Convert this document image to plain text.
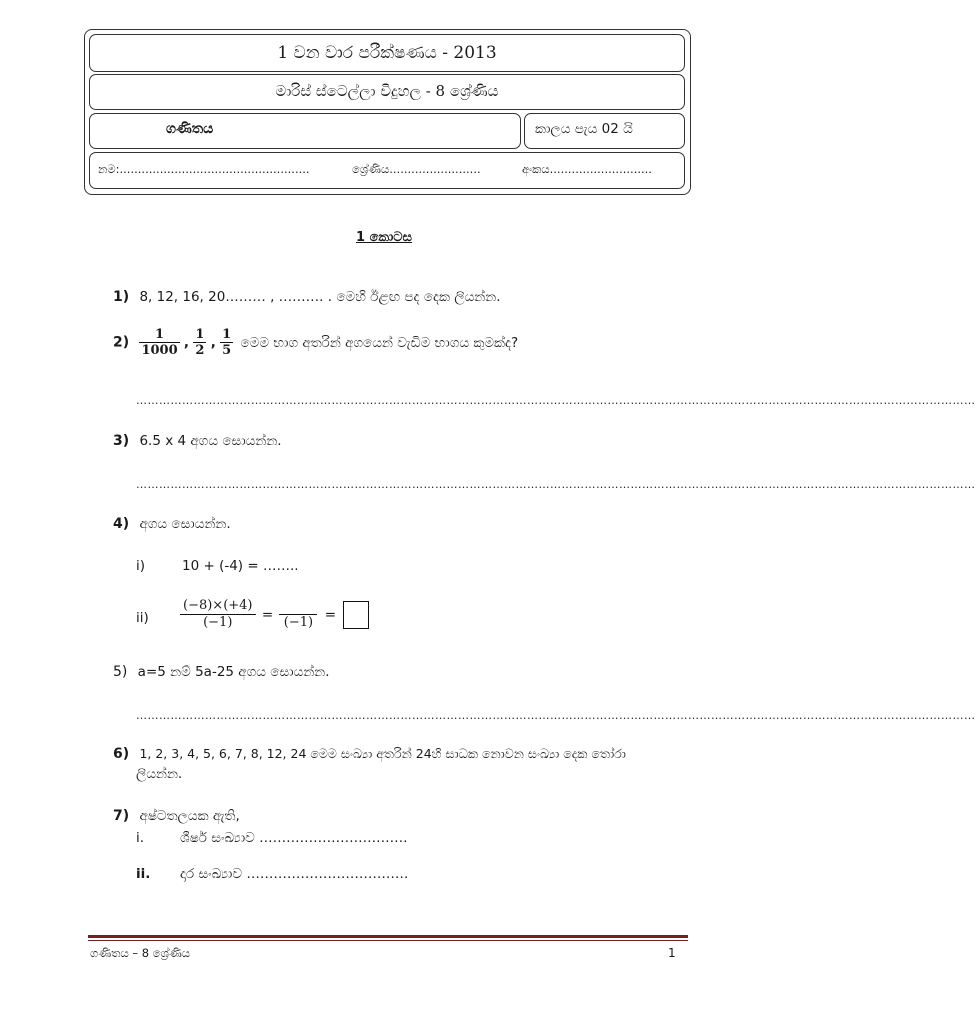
1 වන වාර පරීක්ෂණය - 2013
මාරිස් ස්ටෙල්ලා විදුහල - 8 ශ්‍රේණිය
ගණිතය	කාලය පැය 02 යි
නම:....................................................	ශ්‍රේණිය.........................	අංකය............................
1 කොටස
1) 8, 12, 16, 20……… , ………. . මෙහි ඊළඟ පද දෙක ලියන්න.
$2) \frac{1}{1000}$ , $\frac{1}{2}$ , $\frac{1}{5}$ මෙම භාග අතරින් අගයෙන් වැඩිම භාගය කුමක්ද?
…………………………………………………………………………………………………………………………………………………………………………………………………
3) 6.5 x 4 අගය සොයන්න.
…………………………………………………………………………………………………………………………………………………………………………………………………
4) අගය සොයන්න.
i)	10 + (-4) = ……..
$ii) \frac{(-8)\times(+4)}{(-1)} = (-1)$ =
5) a=5 නම් 5a-25 අගය සොයන්න.
…………………………………………………………………………………………………………………………………………………………………………………………………
6) 1, 2, 3, 4, 5, 6, 7, 8, 12, 24 මෙම සංඛ්‍යා අතරින් 24හි සාධක නොවන සංඛ්‍යා දෙක තෝරා
ලියන්න.
7) අෂ්ටතලයක ඇති,
i.	ශීර්ෂ සංඛ්‍යාව ……………………………
ii. දාර සංඛ්‍යාව ………………………………
ගණිතය – 8 ශ්‍රේණිය	1
